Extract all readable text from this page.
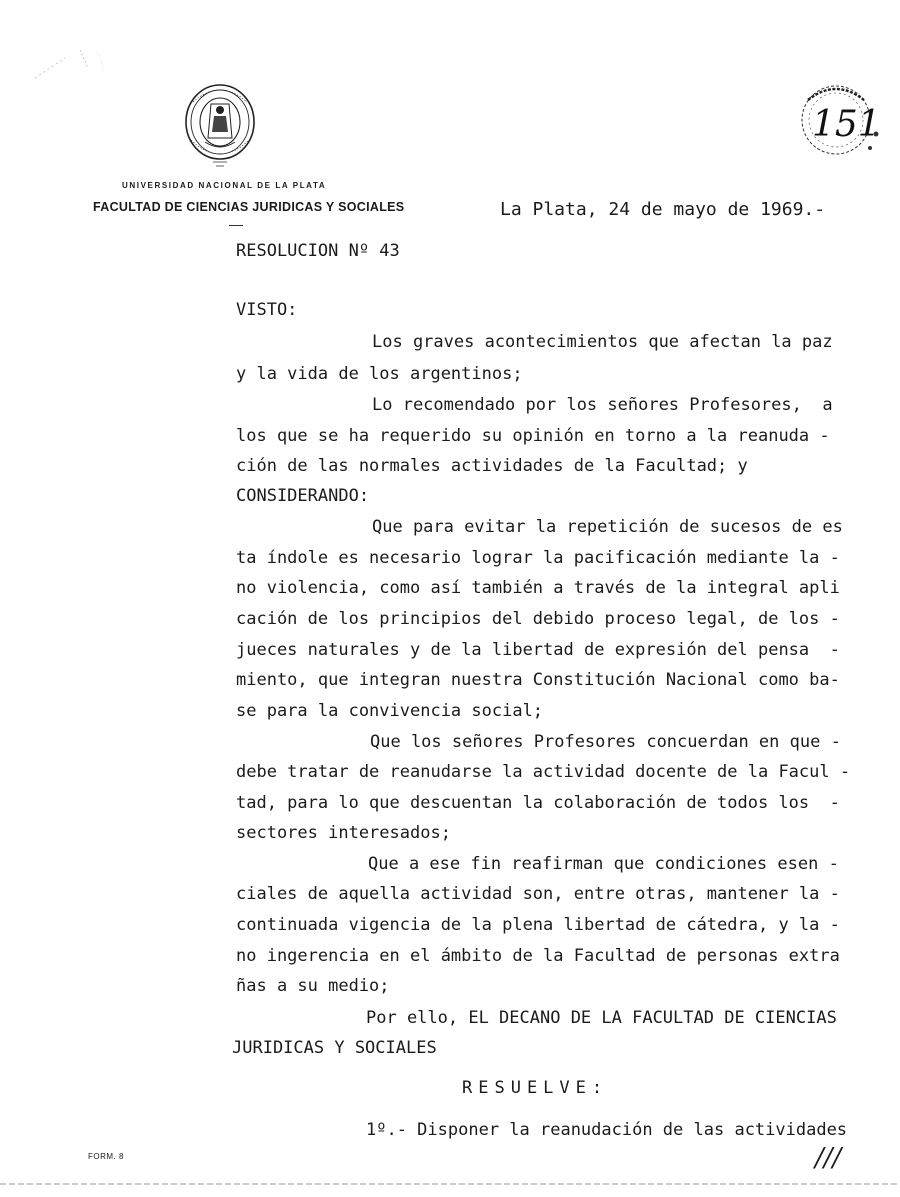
UNIVERSIDAD NACIONAL DE LA PLATA
FACULTAD DE CIENCIAS JURIDICAS Y SOCIALES
151
La Plata, 24 de mayo de 1969.-
RESOLUCION Nº 43
VISTO:
Los graves acontecimientos que afectan la paz
y la vida de los argentinos;
Lo recomendado por los señores Profesores,  a
los que se ha requerido su opinión en torno a la reanuda -
ción de las normales actividades de la Facultad; y
CONSIDERANDO:
Que para evitar la repetición de sucesos de es
ta índole es necesario lograr la pacificación mediante la -
no violencia, como así también a través de la integral apli
cación de los principios del debido proceso legal, de los -
jueces naturales y de la libertad de expresión del pensa  -
miento, que integran nuestra Constitución Nacional como ba-
se para la convivencia social;
Que los señores Profesores concuerdan en que -
debe tratar de reanudarse la actividad docente de la Facul -
tad, para lo que descuentan la colaboración de todos los  -
sectores interesados;
Que a ese fin reafirman que condiciones esen -
ciales de aquella actividad son, entre otras, mantener la -
continuada vigencia de la plena libertad de cátedra, y la -
no ingerencia en el ámbito de la Facultad de personas extra
ñas a su medio;
Por ello, EL DECANO DE LA FACULTAD DE CIENCIAS
JURIDICAS Y SOCIALES
RESUELVE:
1º.- Disponer la reanudación de las actividades
FORM. 8	///
